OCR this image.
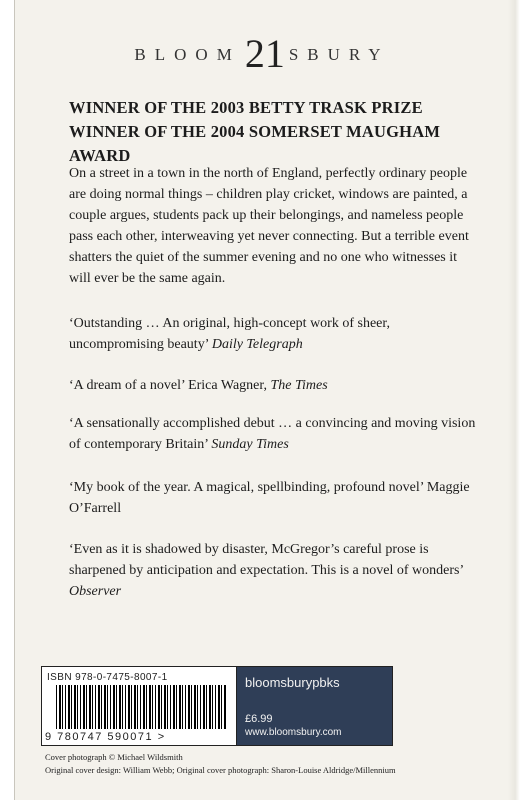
BLOOM 21 SBURY
WINNER OF THE 2003 BETTY TRASK PRIZE
WINNER OF THE 2004 SOMERSET MAUGHAM AWARD

On a street in a town in the north of England, perfectly ordinary people are doing normal things – children play cricket, windows are painted, a couple argues, students pack up their belongings, and nameless people pass each other, interweaving yet never connecting. But a terrible event shatters the quiet of the summer evening and no one who witnesses it will ever be the same again.

‘Outstanding … An original, high-concept work of sheer, uncompromising beauty’ Daily Telegraph

‘A dream of a novel’ Erica Wagner, The Times

‘A sensationally accomplished debut … a convincing and moving vision of contemporary Britain’ Sunday Times

‘My book of the year. A magical, spellbinding, profound novel’ Maggie O’Farrell

‘Even as it is shadowed by disaster, McGregor’s careful prose is sharpened by anticipation and expectation. This is a novel of wonders’ Observer

ISBN 978-0-7475-8007-1
9 780747 590071 >
bloomsburypbks
£6.99
www.bloomsbury.com
Cover photograph © Michael Wildsmith
Original cover design: William Webb; Original cover photograph: Sharon-Louise Aldridge/Millennium
